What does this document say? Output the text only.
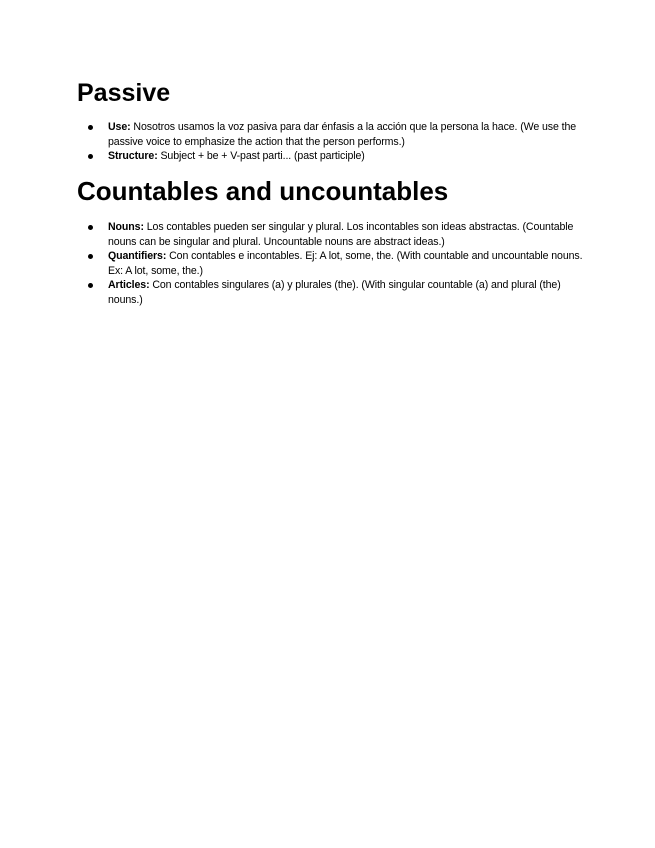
Passive
Use: Nosotros usamos la voz pasiva para dar énfasis a la acción que la persona la hace. (We use the passive voice to emphasize the action that the person performs.)
Structure: Subject + be + V-past parti... (past participle)
Countables and uncountables
Nouns: Los contables pueden ser singular y plural. Los incontables son ideas abstractas. (Countable nouns can be singular and plural. Uncountable nouns are abstract ideas.)
Quantifiers: Con contables e incontables. Ej: A lot, some, the. (With countable and uncountable nouns. Ex: A lot, some, the.)
Articles: Con contables singulares (a) y plurales (the). (With singular countable (a) and plural (the) nouns.)
